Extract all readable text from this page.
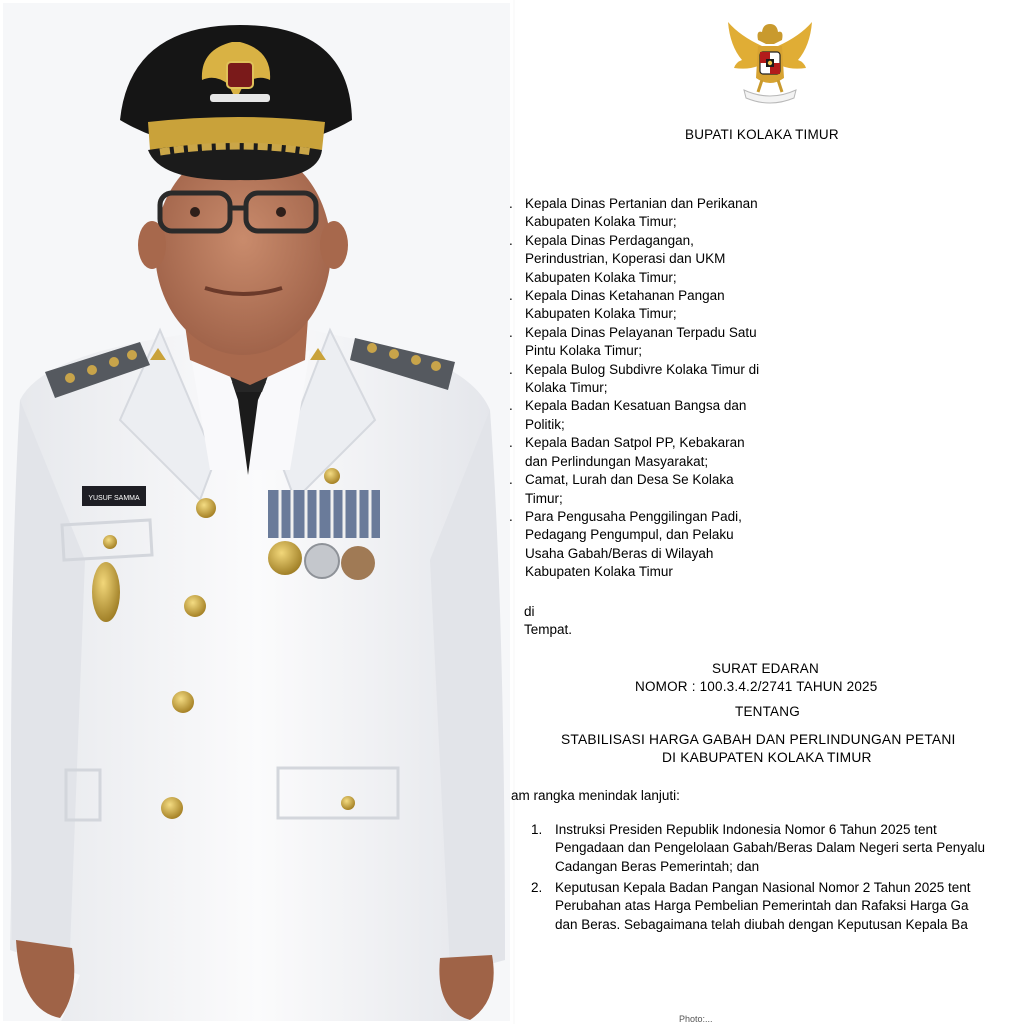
YUSUF SAMMA
BUPATI KOLAKA TIMUR
. Kepala Dinas Pertanian dan Perikanan
Kabupaten Kolaka Timur;
. Kepala Dinas Perdagangan,
Perindustrian, Koperasi dan UKM
Kabupaten Kolaka Timur;
. Kepala Dinas Ketahanan Pangan
Kabupaten Kolaka Timur;
. Kepala Dinas Pelayanan Terpadu Satu
Pintu Kolaka Timur;
. Kepala Bulog Subdivre Kolaka Timur di
Kolaka Timur;
. Kepala Badan Kesatuan Bangsa dan
Politik;
. Kepala Badan Satpol PP, Kebakaran
dan Perlindungan Masyarakat;
. Camat, Lurah dan Desa Se Kolaka
Timur;
. Para Pengusaha Penggilingan Padi,
Pedagang Pengumpul, dan Pelaku
Usaha Gabah/Beras di Wilayah
Kabupaten Kolaka Timur
di
Tempat.
SURAT EDARAN
NOMOR : 100.3.4.2/2741 TAHUN 2025
TENTANG
STABILISASI HARGA GABAH DAN PERLINDUNGAN PETANI
DI KABUPATEN KOLAKA TIMUR
am rangka menindak lanjuti:
1. Instruksi Presiden Republik Indonesia Nomor 6 Tahun 2025 tent
Pengadaan dan Pengelolaan Gabah/Beras Dalam Negeri serta Penyalu
Cadangan Beras Pemerintah; dan
2. Keputusan Kepala Badan Pangan Nasional Nomor 2 Tahun 2025 tent
Perubahan atas Harga Pembelian Pemerintah dan Rafaksi Harga Ga
dan Beras. Sebagaimana telah diubah dengan Keputusan Kepala Ba
Photo:...
